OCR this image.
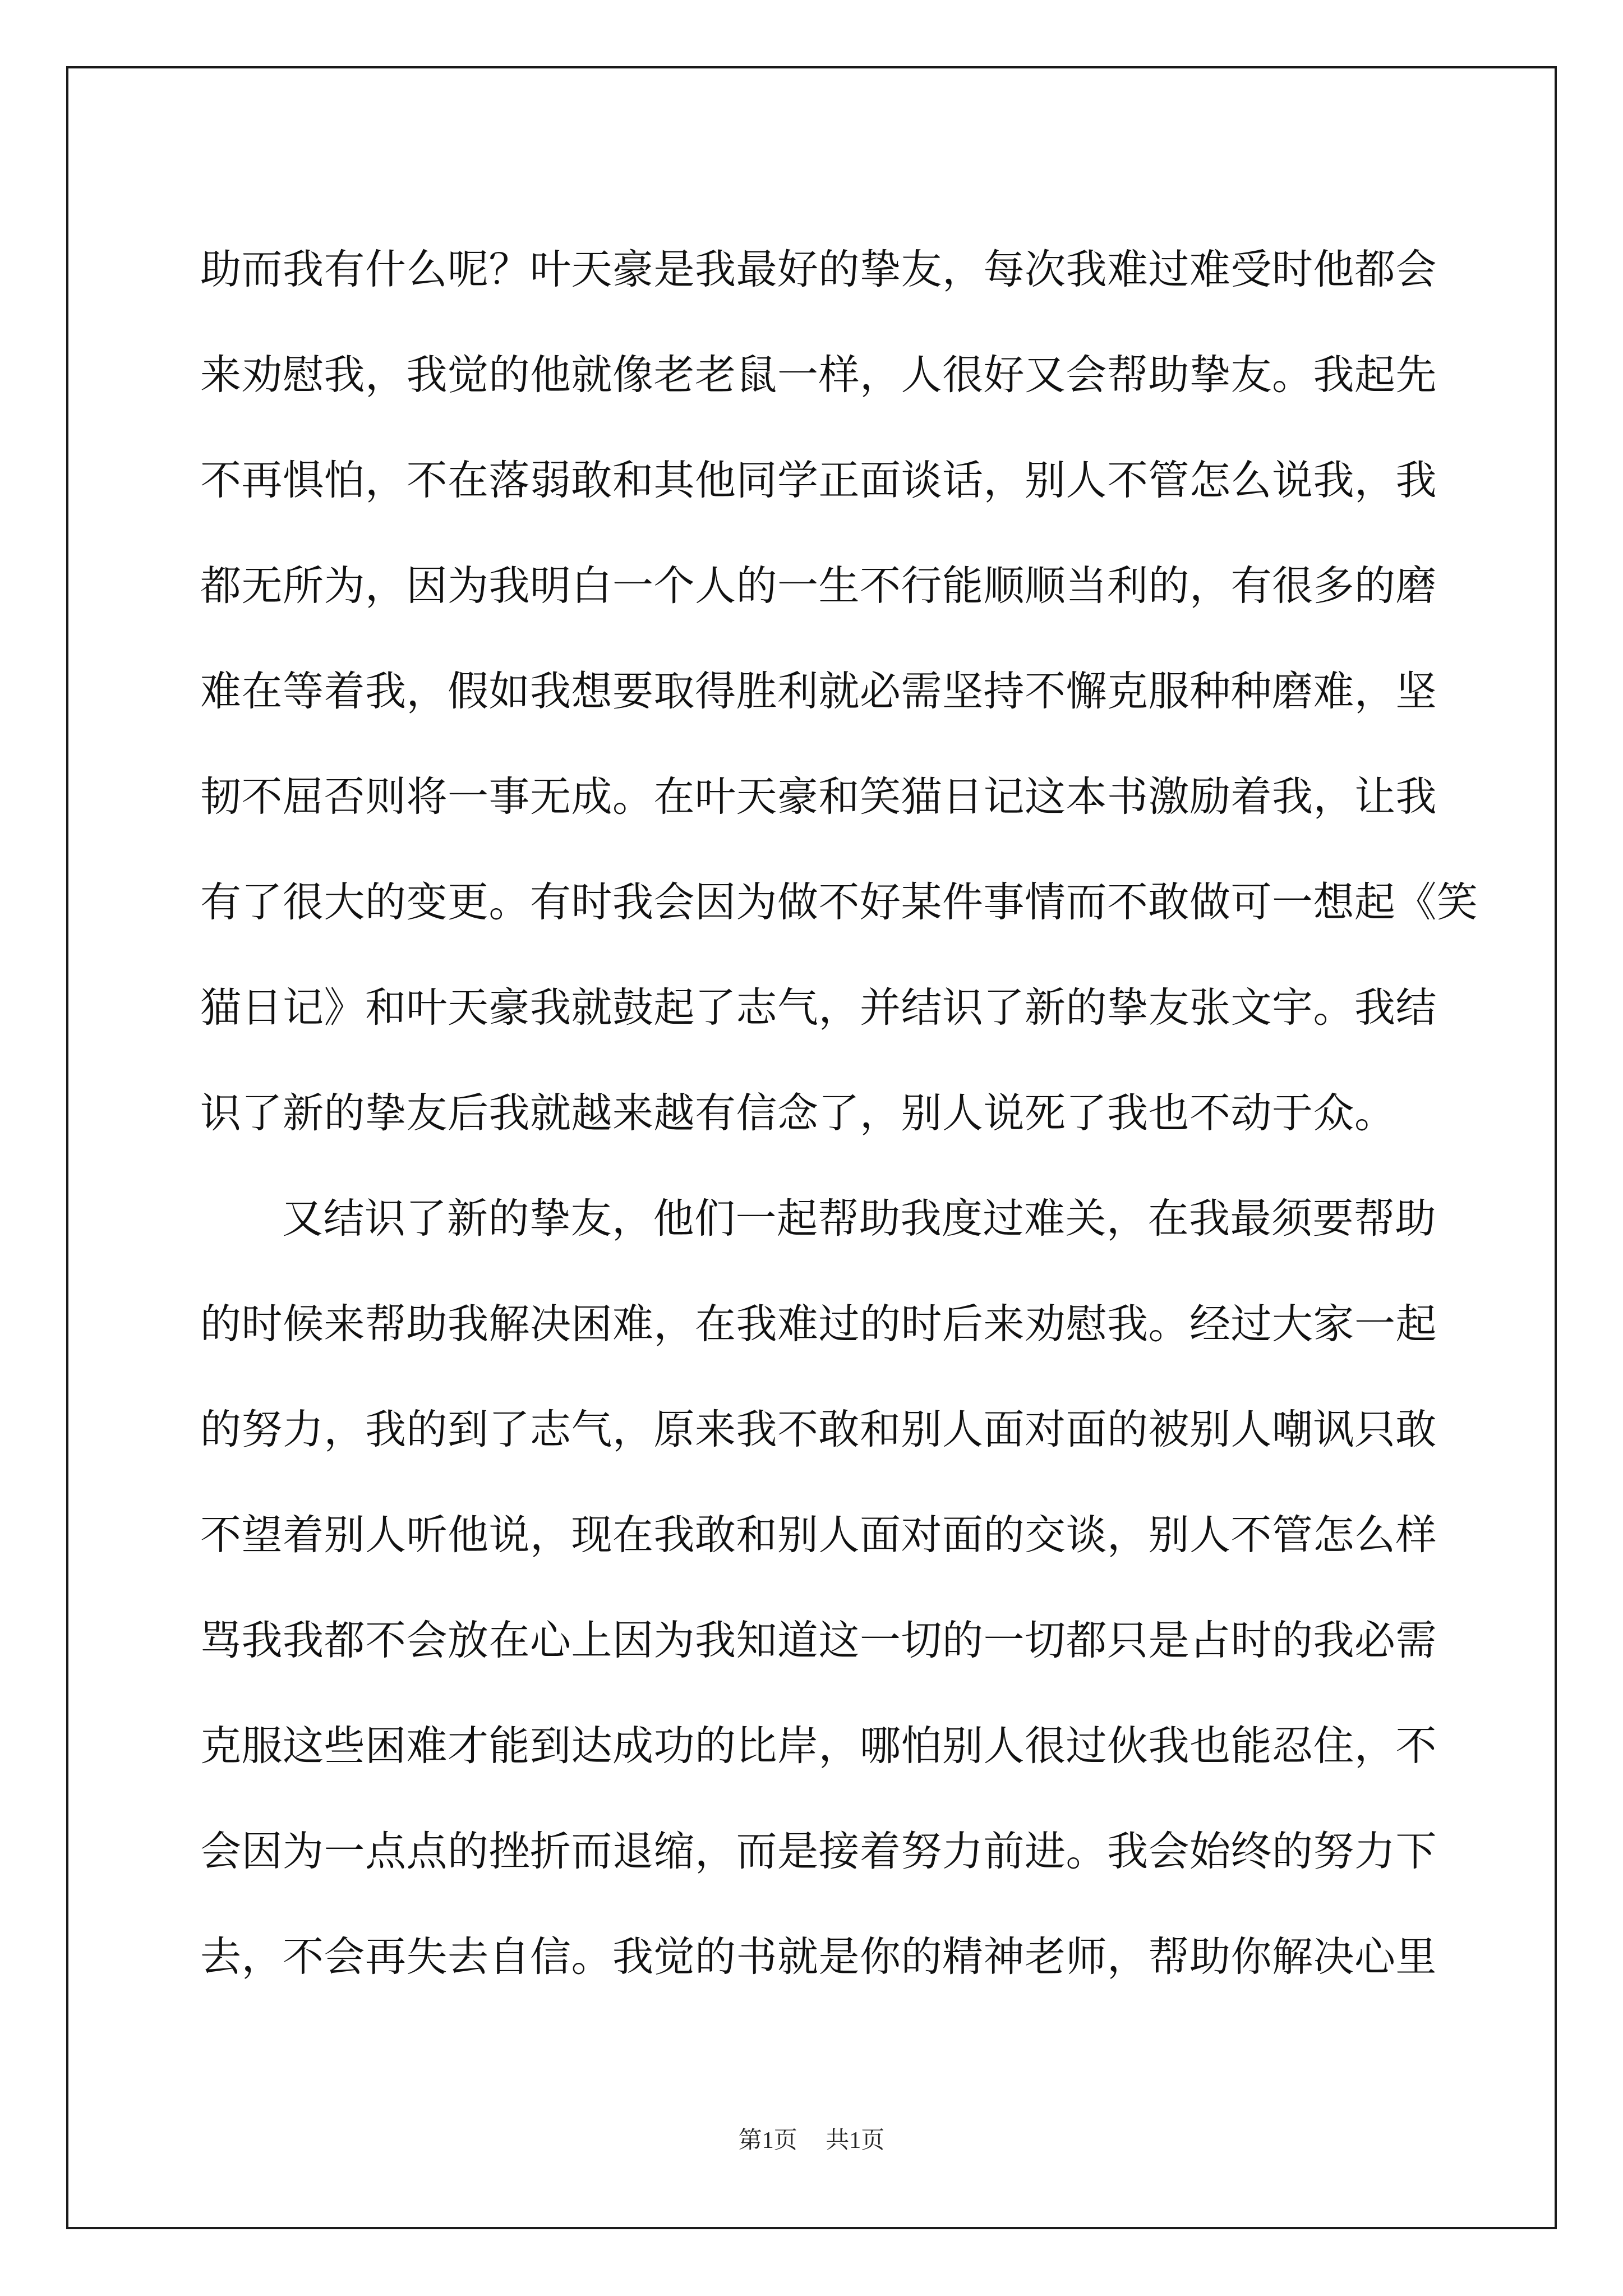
助而我有什么呢？叶天豪是我最好的挚友，每次我难过难受时他都会
来劝慰我，我觉的他就像老老鼠一样，人很好又会帮助挚友。我起先
不再惧怕，不在落弱敢和其他同学正面谈话，别人不管怎么说我，我
都无所为，因为我明白一个人的一生不行能顺顺当利的，有很多的磨
难在等着我，假如我想要取得胜利就必需坚持不懈克服种种磨难，坚
韧不屈否则将一事无成。在叶天豪和笑猫日记这本书激励着我，让我
有了很大的变更。有时我会因为做不好某件事情而不敢做可一想起《笑
猫日记》和叶天豪我就鼓起了志气，并结识了新的挚友张文宇。我结
识了新的挚友后我就越来越有信念了，别人说死了我也不动于众。
又结识了新的挚友，他们一起帮助我度过难关，在我最须要帮助
的时候来帮助我解决困难，在我难过的时后来劝慰我。经过大家一起
的努力，我的到了志气，原来我不敢和别人面对面的被别人嘲讽只敢
不望着别人听他说，现在我敢和别人面对面的交谈，别人不管怎么样
骂我我都不会放在心上因为我知道这一切的一切都只是占时的我必需
克服这些困难才能到达成功的比岸，哪怕别人很过伙我也能忍住，不
会因为一点点的挫折而退缩，而是接着努力前进。我会始终的努力下
去，不会再失去自信。我觉的书就是你的精神老师，帮助你解决心里
第1页 共1页
